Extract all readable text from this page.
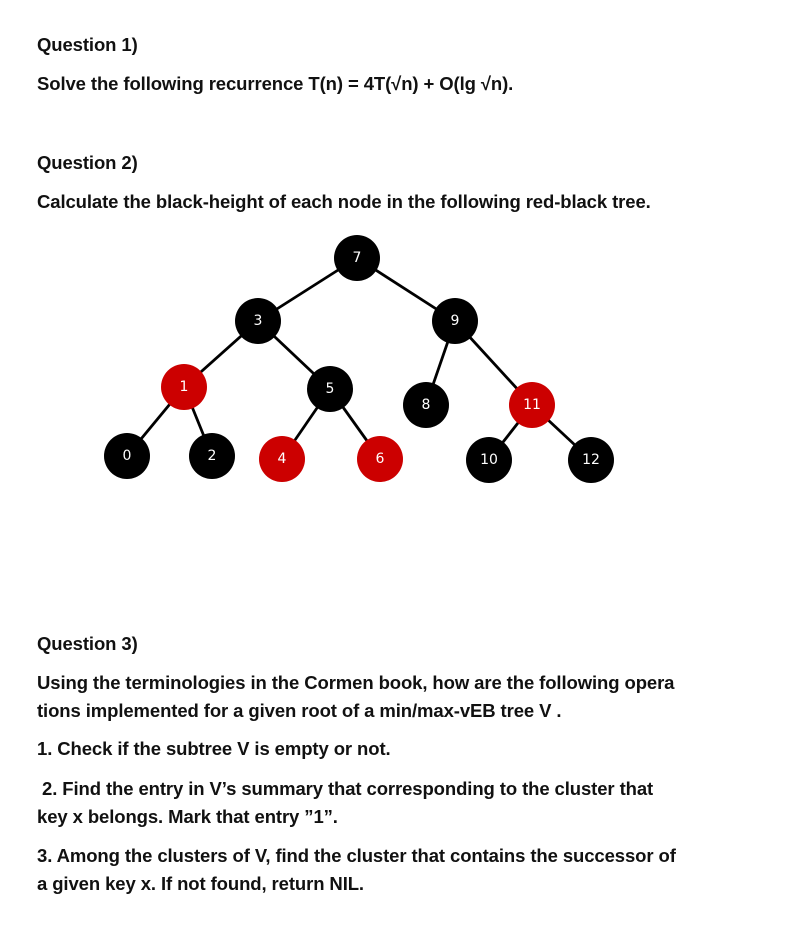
Question 1)
Solve the following recurrence T(n) = 4T(√n) + O(lg √n).
Question 2)
Calculate the black-height of each node in the following red-black tree.
7
3	9
1	5
8	11
0	2	4	6	10	12
Question 3)
Using the terminologies in the Cormen book, how are the following opera
tions implemented for a given root of a min/max-vEB tree V .
1. Check if the subtree V is empty or not.
2. Find the entry in V’s summary that corresponding to the cluster that
key x belongs. Mark that entry ”1”.
3. Among the clusters of V, find the cluster that contains the successor of
a given key x. If not found, return NIL.
